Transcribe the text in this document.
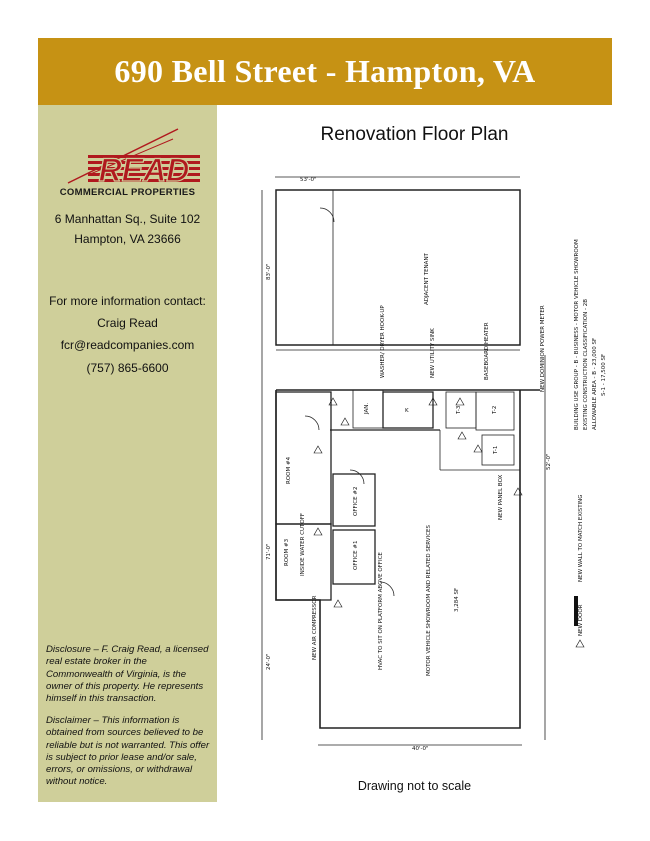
690 Bell Street - Hampton, VA
READ
COMMERCIAL PROPERTIES
6 Manhattan Sq., Suite 102
Hampton, VA 23666
For more information contact:
Craig Read
fcr@readcompanies.com
(757) 865-6600
Disclosure – F. Craig Read, a licensed real estate broker in the Commonwealth of Virginia, is the owner of this property. He represents himself in this transaction.
Disclaimer – This information is obtained from sources believed to be reliable but is not warranted. This offer is subject to prior lease and/or sale, errors, or omissions, or withdrawal without notice.
Renovation Floor Plan
53'-0"
40'-0"
83'-0"
71'-0"
24'-0"
52'-0"
ADJACENT TENANT
MOTOR VEHICLE SHOWROOM AND RELATED SERVICES	3,284 SF
ROOM #4
ROOM #3
OFFICE #2
OFFICE #1
JAN.	K	T-3	T-2
T-1
WASHER/ DRYER HOOK-UP	NEW UTILITY SINK	BASEBOARD HEATER	NEW DOMINION POWER METER
NEW PANEL BOX
INSIDE WATER CUTOFF
NEW AIR COMPRESSOR	HVAC TO SIT ON PLATFORM ABOVE OFFICE
BUILDING USE GROUP - B - BUSINESS - MOTOR VEHICLE SHOWROOM EXISTING CONSTRUCTION CLASSIFICATION - 2B ALLOWABLE AREA - B - 23,000 SF S-1 - 17,500 SF
NEW WALL TO MATCH EXISTING
NEW DOOR
Drawing not to scale
